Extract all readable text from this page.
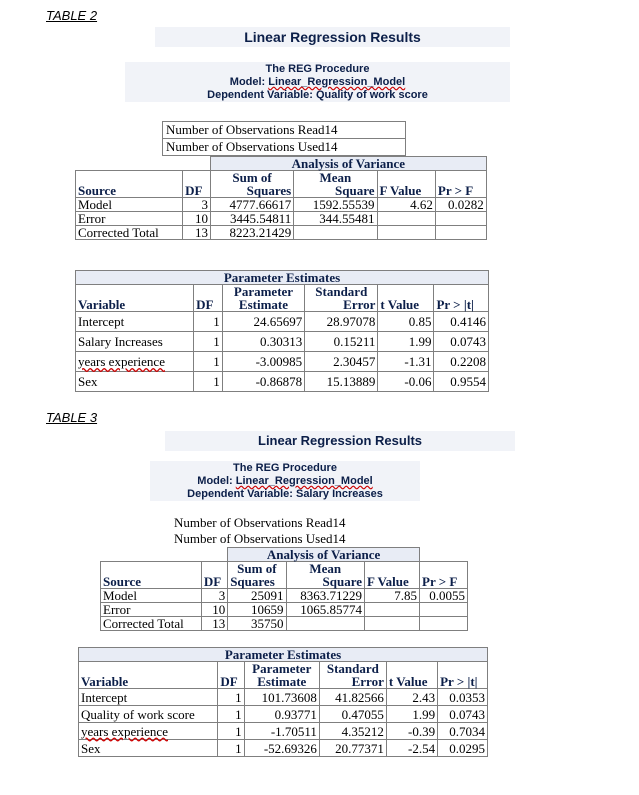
TABLE 2
Linear Regression Results
The REG Procedure
Model: Linear_Regression_Model
Dependent Variable: Quality of work score
Number of Observations Read14
Number of Observations Used14
		Analysis of Variance				
		Sum of	Mean			
Source	DF	Squares	Square	F Value	Pr > F	
Model	3	4777.66617	1592.55539	4.62	0.0282	
Error	10	3445.54811	344.55481			
Corrected Total	13	8223.21429				
Parameter Estimates					
		Parameter	Standard		
Variable	DF	Estimate	Error	t Value	Pr > |t|
Intercept	1	24.65697	28.97078	0.85	0.4146
Salary Increases	1	0.30313	0.15211	1.99	0.0743
years experience	1	-3.00985	2.30457	-1.31	0.2208
Sex	1	-0.86878	15.13889	-0.06	0.9554
TABLE 3
Linear Regression Results
The REG Procedure
Model: Linear_Regression_Model
Dependent Variable: Salary Increases
Number of Observations Read14
Number of Observations Used14
		Analysis of Variance			
		Sum of	Mean		
Source	DF	Squares	Square	F Value	Pr > F
Model	3	25091	8363.71229	7.85	0.0055
Error	10	10659	1065.85774		
Corrected Total	13	35750			
Parameter Estimates					
		Parameter	Standard		
Variable	DF	Estimate	Error	t Value	Pr > |t|
Intercept	1	101.73608	41.82566	2.43	0.0353
Quality of work score	1	0.93771	0.47055	1.99	0.0743
years experience	1	-1.70511	4.35212	-0.39	0.7034
Sex	1	-52.69326	20.77371	-2.54	0.0295
